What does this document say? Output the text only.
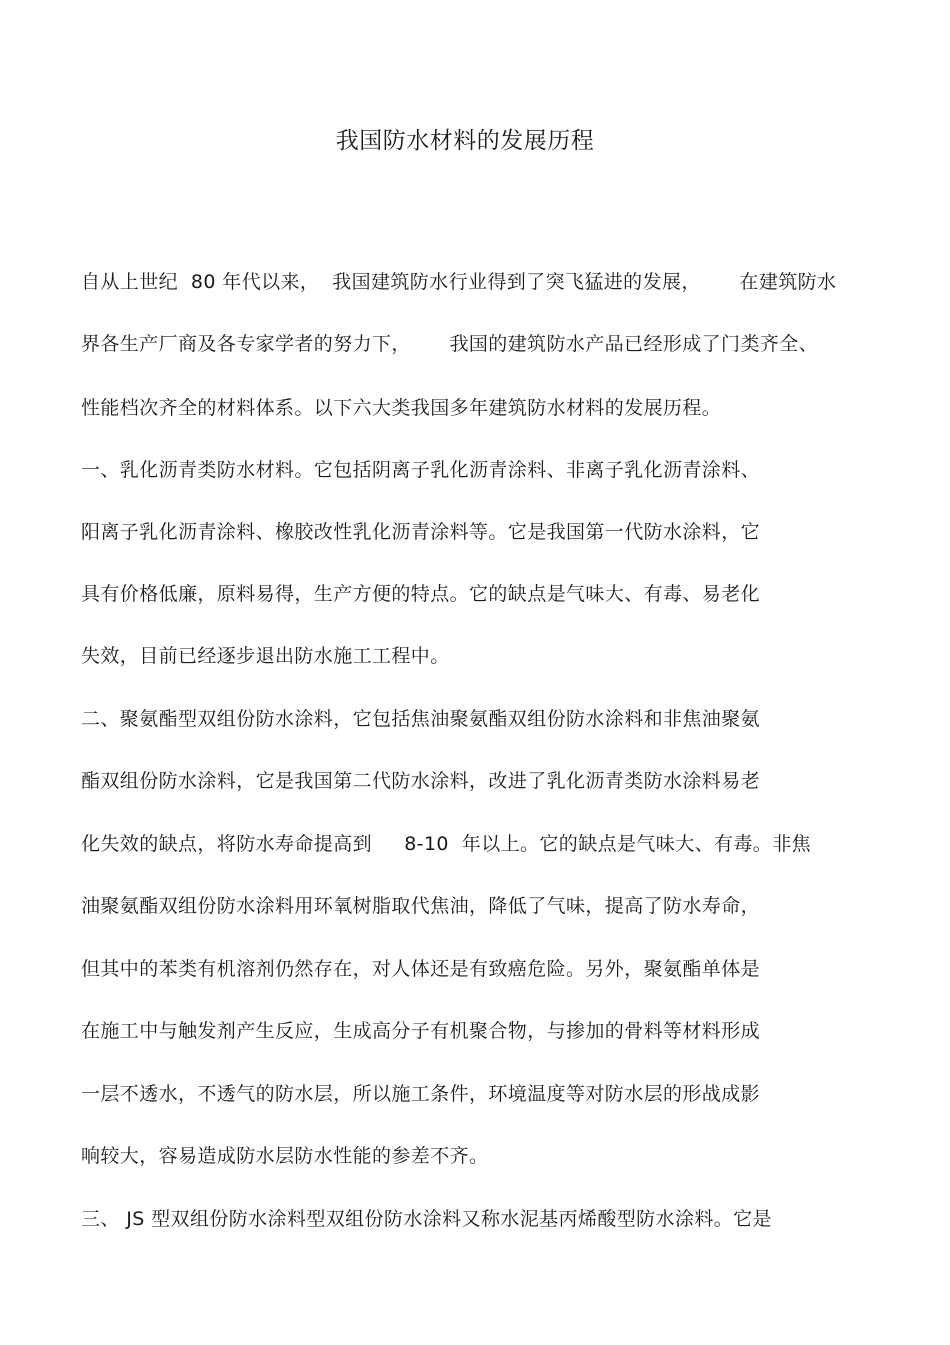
我国防水材料的发展历程
自从上世纪  80 年代以来，  我国建筑防水行业得到了突飞猛进的发展，      在建筑防水
界各生产厂商及各专家学者的努力下，      我国的建筑防水产品已经形成了门类齐全、
性能档次齐全的材料体系。以下六大类我国多年建筑防水材料的发展历程。
一、乳化沥青类防水材料。它包括阴离子乳化沥青涂料、非离子乳化沥青涂料、
阳离子乳化沥青涂料、橡胶改性乳化沥青涂料等。它是我国第一代防水涂料，它
具有价格低廉，原料易得，生产方便的特点。它的缺点是气味大、有毒、易老化
失效，目前已经逐步退出防水施工工程中。
二、聚氨酯型双组份防水涂料，它包括焦油聚氨酯双组份防水涂料和非焦油聚氨
酯双组份防水涂料，它是我国第二代防水涂料，改进了乳化沥青类防水涂料易老
化失效的缺点，将防水寿命提高到     8-10  年以上。它的缺点是气味大、有毒。非焦
油聚氨酯双组份防水涂料用环氧树脂取代焦油，降低了气味，提高了防水寿命，
但其中的苯类有机溶剂仍然存在，对人体还是有致癌危险。另外，聚氨酯单体是
在施工中与触发剂产生反应，生成高分子有机聚合物，与掺加的骨料等材料形成
一层不透水，不透气的防水层，所以施工条件，环境温度等对防水层的形战成影
响较大，容易造成防水层防水性能的参差不齐。
三、 JS 型双组份防水涂料型双组份防水涂料又称水泥基丙烯酸型防水涂料。它是
